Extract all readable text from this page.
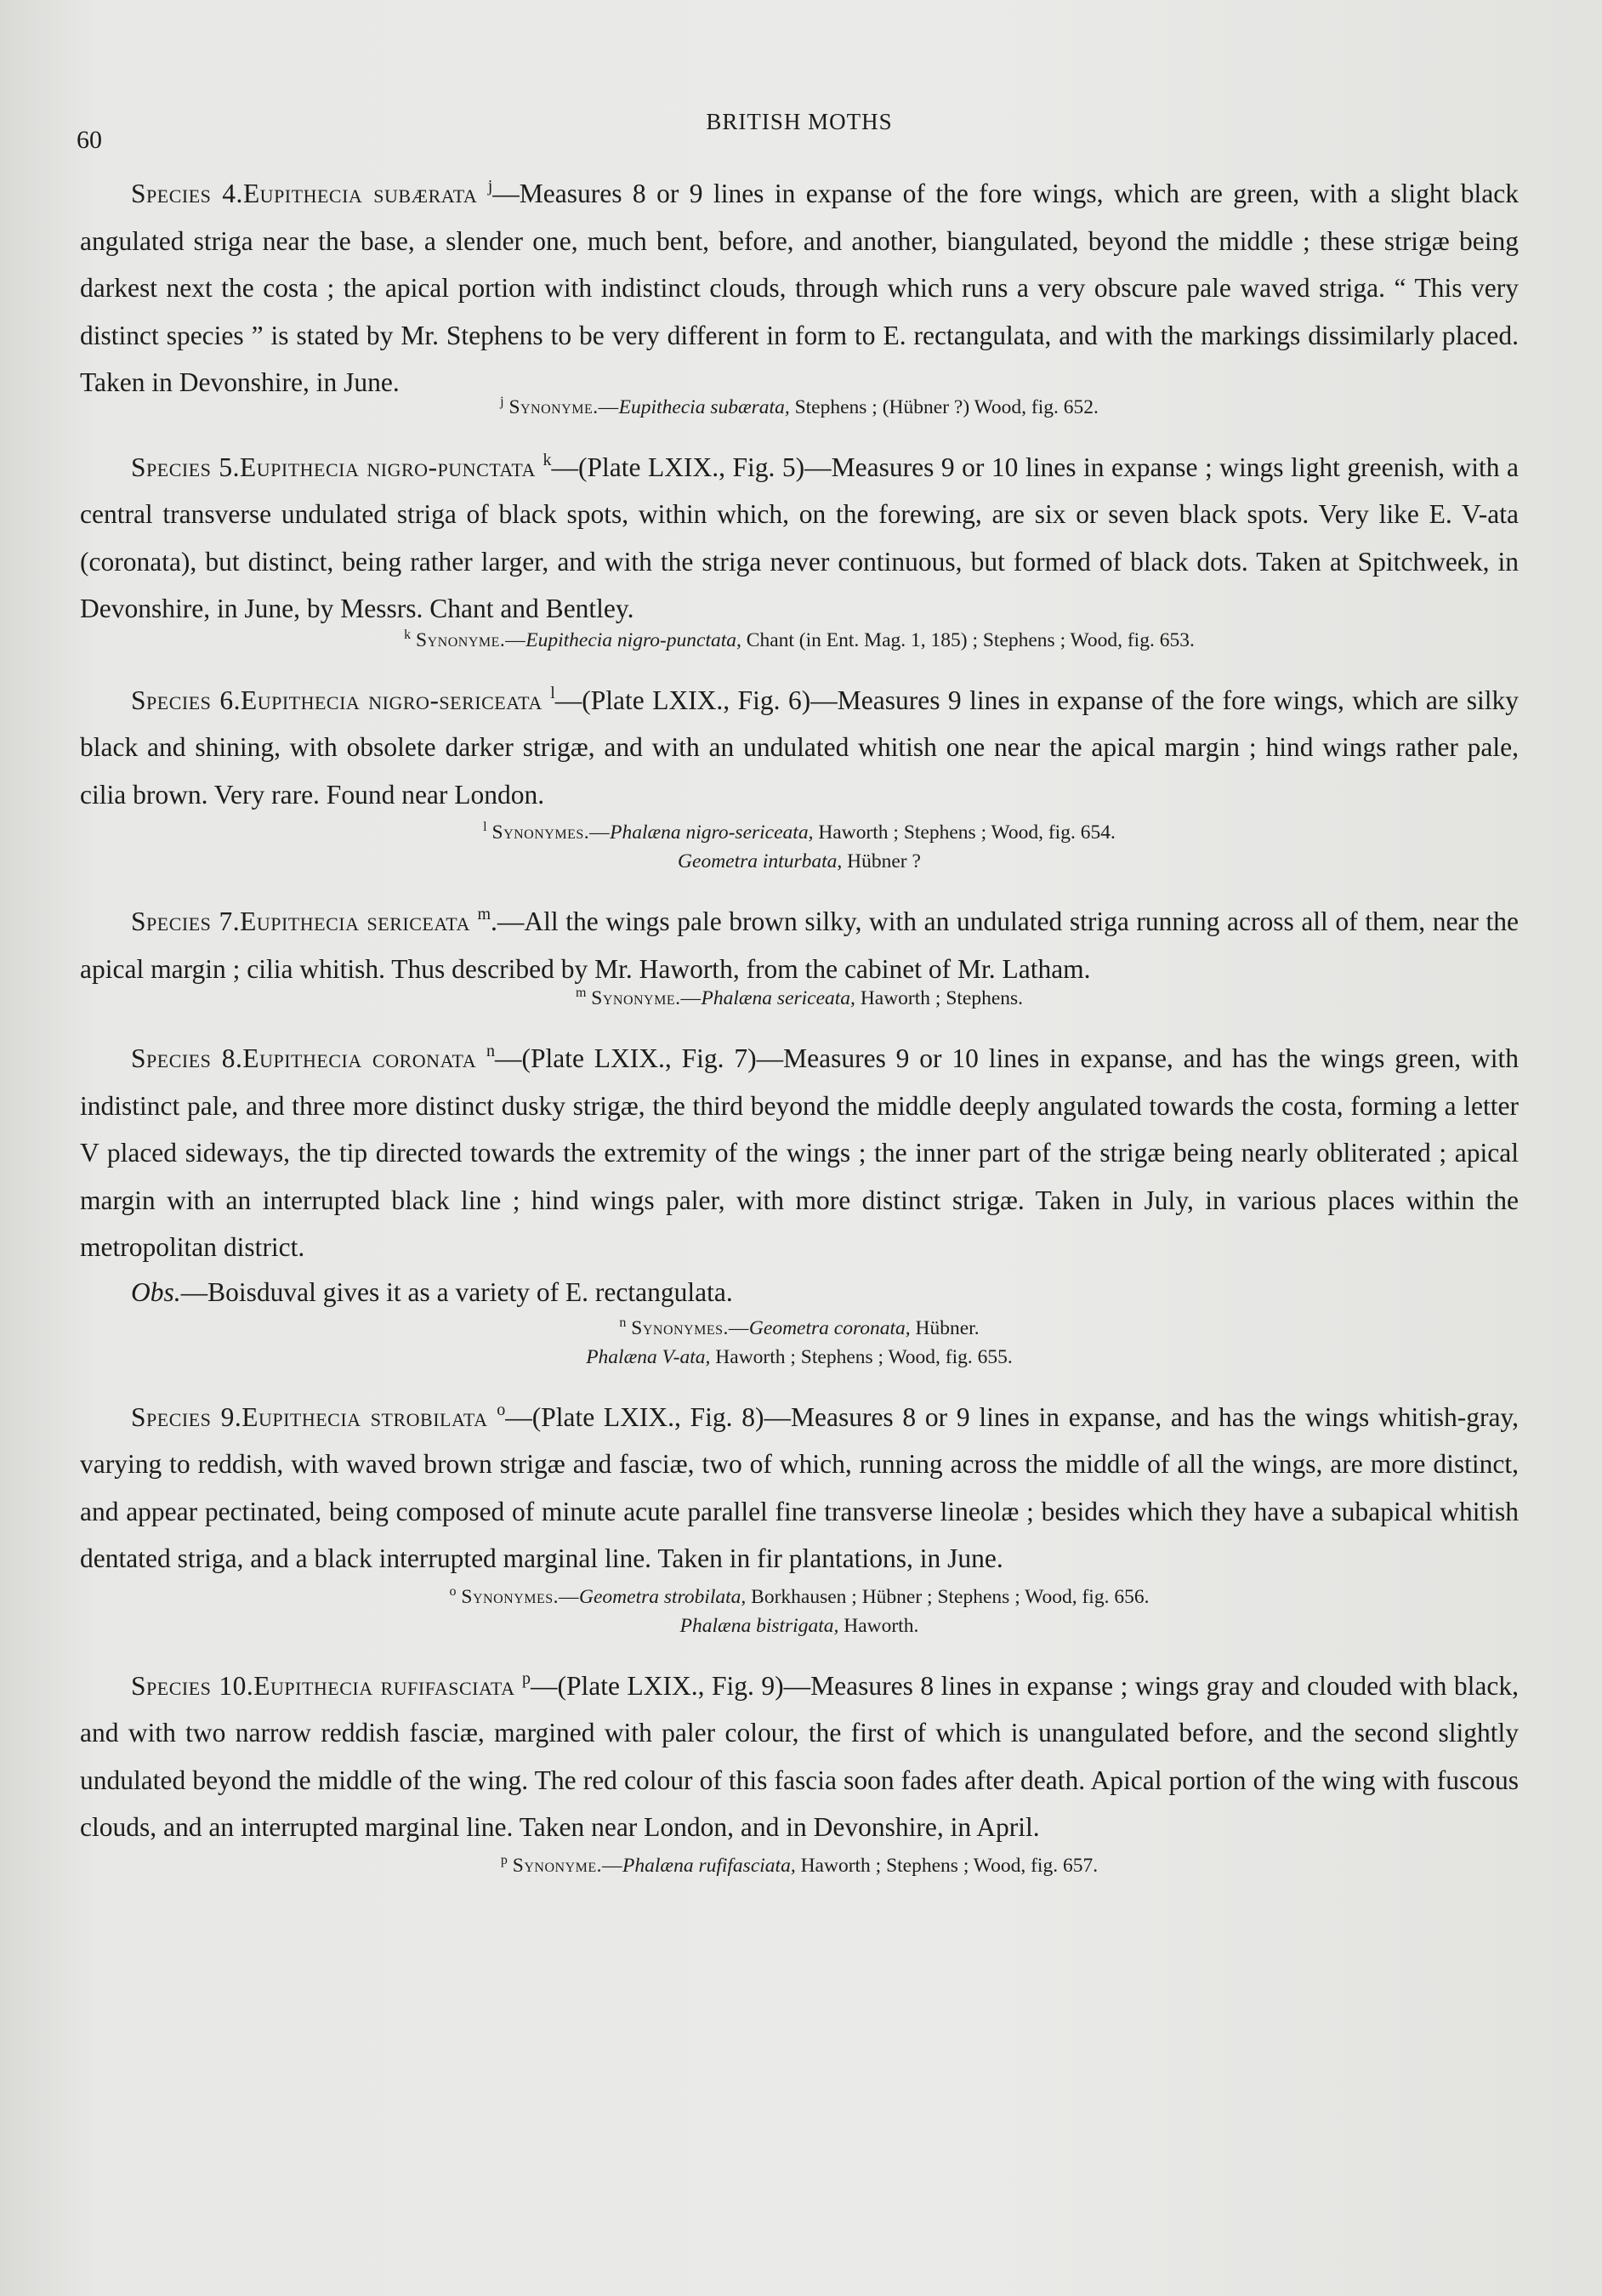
60
BRITISH MOTHS

Species 4.Eupithecia subærata $^j$—Measures 8 or 9 lines in expanse of the fore wings, which are green, with a slight black angulated striga near the base, a slender one, much bent, before, and another, biangulated, beyond the middle ; these strigæ being darkest next the costa ; the apical portion with indistinct clouds, through which runs a very obscure pale waved striga. “ This very distinct species ” is stated by Mr. Stephens to be very different in form to E. rectangulata, and with the markings dissimilarly placed. Taken in Devonshire, in June.

$^j$ Synonyme.—Eupithecia subærata, Stephens ; (Hübner ?) Wood, fig. 652.

Species 5.Eupithecia nigro-punctata $^k$—(Plate LXIX., Fig. 5)—Measures 9 or 10 lines in expanse ; wings light greenish, with a central transverse undulated striga of black spots, within which, on the forewing, are six or seven black spots. Very like E. V-ata (coronata), but distinct, being rather larger, and with the striga never continuous, but formed of black dots. Taken at Spitchweek, in Devonshire, in June, by Messrs. Chant and Bentley.

$^k$ Synonyme.—Eupithecia nigro-punctata, Chant (in Ent. Mag. 1, 185) ; Stephens ; Wood, fig. 653.

Species 6.Eupithecia nigro-sericeata $^l$—(Plate LXIX., Fig. 6)—Measures 9 lines in expanse of the fore wings, which are silky black and shining, with obsolete darker strigæ, and with an undulated whitish one near the apical margin ; hind wings rather pale, cilia brown. Very rare. Found near London.

$^l$ Synonymes.—Phalæna nigro-sericeata, Haworth ; Stephens ; Wood, fig. 654.

Geometra inturbata, Hübner ?

Species 7.Eupithecia sericeata $^m$.—All the wings pale brown silky, with an undulated striga running across all of them, near the apical margin ; cilia whitish. Thus described by Mr. Haworth, from the cabinet of Mr. Latham.

$^m$ Synonyme.—Phalæna sericeata, Haworth ; Stephens.

Species 8.Eupithecia coronata $^n$—(Plate LXIX., Fig. 7)—Measures 9 or 10 lines in expanse, and has the wings green, with indistinct pale, and three more distinct dusky strigæ, the third beyond the middle deeply angulated towards the costa, forming a letter V placed sideways, the tip directed towards the extremity of the wings ; the inner part of the strigæ being nearly obliterated ; apical margin with an interrupted black line ; hind wings paler, with more distinct strigæ. Taken in July, in various places within the metropolitan district.

Obs.—Boisduval gives it as a variety of E. rectangulata.

$^n$ Synonymes.—Geometra coronata, Hübner.

Phalæna V-ata, Haworth ; Stephens ; Wood, fig. 655.

Species 9.Eupithecia strobilata $^o$—(Plate LXIX., Fig. 8)—Measures 8 or 9 lines in expanse, and has the wings whitish-gray, varying to reddish, with waved brown strigæ and fasciæ, two of which, running across the middle of all the wings, are more distinct, and appear pectinated, being composed of minute acute parallel fine transverse lineolæ ; besides which they have a subapical whitish dentated striga, and a black interrupted marginal line. Taken in fir plantations, in June.

$^o$ Synonymes.—Geometra strobilata, Borkhausen ; Hübner ; Stephens ; Wood, fig. 656.

Phalæna bistrigata, Haworth.

Species 10.Eupithecia rufifasciata $^p$—(Plate LXIX., Fig. 9)—Measures 8 lines in expanse ; wings gray and clouded with black, and with two narrow reddish fasciæ, margined with paler colour, the first of which is unangulated before, and the second slightly undulated beyond the middle of the wing. The red colour of this fascia soon fades after death. Apical portion of the wing with fuscous clouds, and an interrupted marginal line. Taken near London, and in Devonshire, in April.

$^p$ Synonyme.—Phalæna rufifasciata, Haworth ; Stephens ; Wood, fig. 657.
